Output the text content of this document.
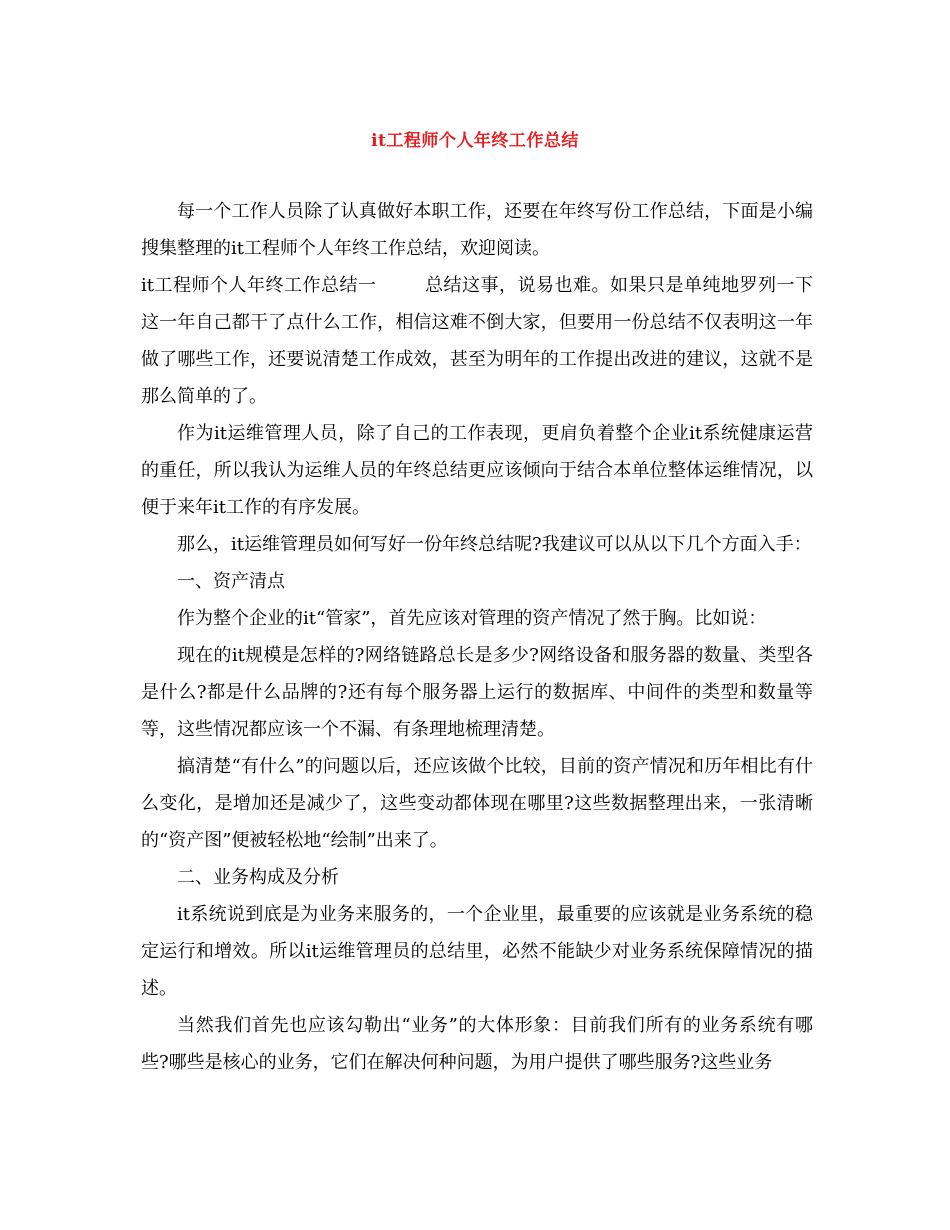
it工程师个人年终工作总结

每一个工作人员除了认真做好本职工作，还要在年终写份工作总结，下面是小编搜集整理的it工程师个人年终工作总结，欢迎阅读。

it工程师个人年终工作总结一	总结这事，说易也难。如果只是单纯地罗列一下这一年自己都干了点什么工作，相信这难不倒大家，但要用一份总结不仅表明这一年做了哪些工作，还要说清楚工作成效，甚至为明年的工作提出改进的建议，这就不是那么简单的了。

作为it运维管理人员，除了自己的工作表现，更肩负着整个企业it系统健康运营的重任，所以我认为运维人员的年终总结更应该倾向于结合本单位整体运维情况，以便于来年it工作的有序发展。

那么，it运维管理员如何写好一份年终总结呢?我建议可以从以下几个方面入手：

一、资产清点

作为整个企业的it“管家”，首先应该对管理的资产情况了然于胸。比如说：

现在的it规模是怎样的?网络链路总长是多少?网络设备和服务器的数量、类型各是什么?都是什么品牌的?还有每个服务器上运行的数据库、中间件的类型和数量等等，这些情况都应该一个不漏、有条理地梳理清楚。

搞清楚“有什么”的问题以后，还应该做个比较，目前的资产情况和历年相比有什么变化，是增加还是减少了，这些变动都体现在哪里?这些数据整理出来，一张清晰的“资产图”便被轻松地“绘制”出来了。

二、业务构成及分析

it系统说到底是为业务来服务的，一个企业里，最重要的应该就是业务系统的稳定运行和增效。所以it运维管理员的总结里，必然不能缺少对业务系统保障情况的描述。

当然我们首先也应该勾勒出“业务”的大体形象：目前我们所有的业务系统有哪些?哪些是核心的业务，它们在解决何种问题，为用户提供了哪些服务?这些业务
